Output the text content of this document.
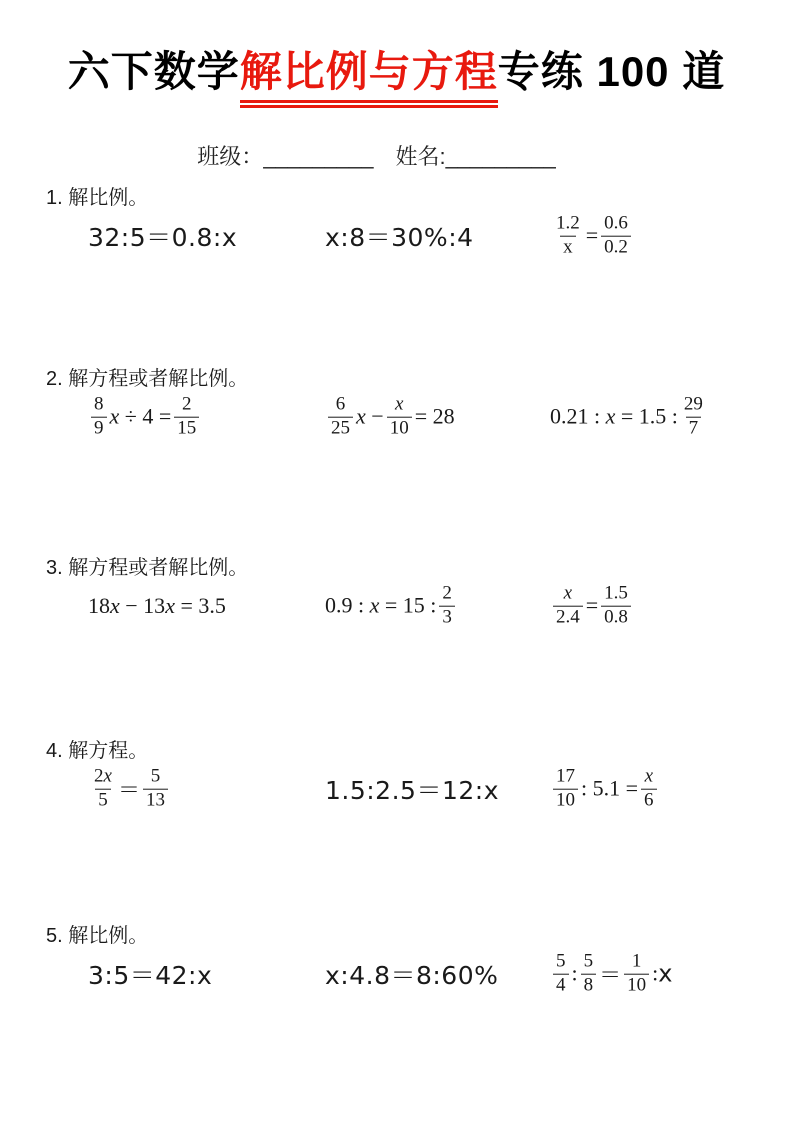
六下数学解比例与方程专练 100 道
班级：_________ 姓名:_________
1. 解比例。
32:5＝0.8:x	x:8＝30%:4	$\frac{1.2}{x} = \frac{0.6}{0.2}$
2. 解方程或者解比例。
$\frac{8}{9}$ $x \div 4 = \frac{2}{15}$	$\frac{6}{25}$ $x - \frac{x}{10} = 28$	0.21 : x = 1.5 : $\frac{29}{7}$
3. 解方程或者解比例。
18x − 13x = 3.5	0.9 : x = 15 : $\frac{2}{3}$	$\frac{x}{2.4} = \frac{1.5}{0.8}$
4. 解方程。
$\frac{2x}{5} = \frac{5}{13}$	1.5:2.5＝12:x	$\frac{17}{10}$ : $5.1 = \frac{x}{6}$
5. 解比例。
3:5＝42:x	x:4.8＝8:60%	$\frac{5}{4}$ : $\frac{5}{8} = \frac{1}{10}$ : x
